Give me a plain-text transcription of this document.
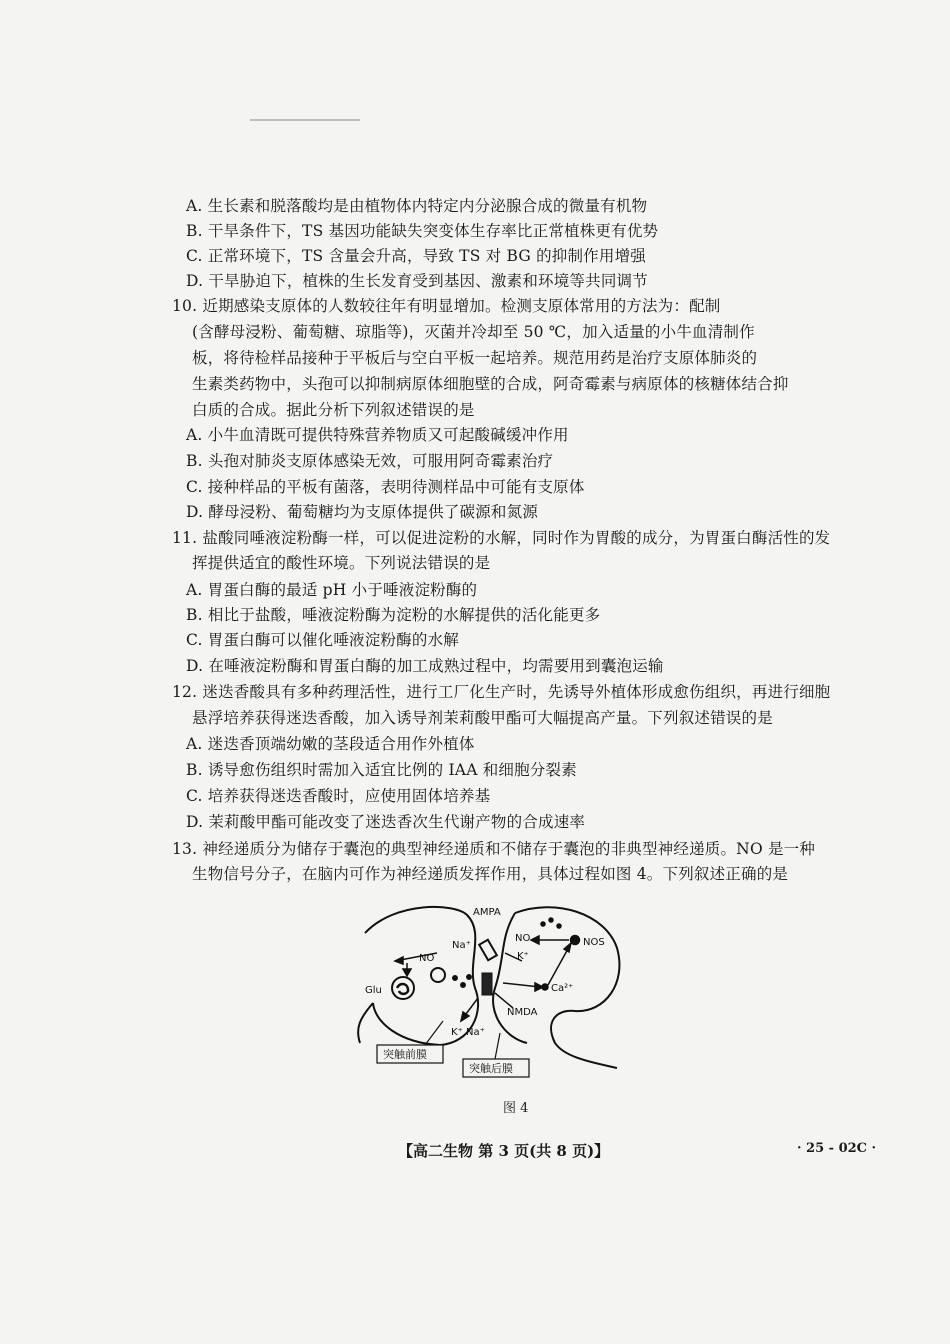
A. 生长素和脱落酸均是由植物体内特定内分泌腺合成的微量有机物
B. 干旱条件下，TS 基因功能缺失突变体生存率比正常植株更有优势
C. 正常环境下，TS 含量会升高，导致 TS 对 BG 的抑制作用增强
D. 干旱胁迫下，植株的生长发育受到基因、激素和环境等共同调节
10. 近期感染支原体的人数较往年有明显增加。检测支原体常用的方法为：配制
(含酵母浸粉、葡萄糖、琼脂等)，灭菌并冷却至 50 ℃，加入适量的小牛血清制作
板，将待检样品接种于平板后与空白平板一起培养。规范用药是治疗支原体肺炎的
生素类药物中，头孢可以抑制病原体细胞壁的合成，阿奇霉素与病原体的核糖体结合抑
白质的合成。据此分析下列叙述错误的是
A. 小牛血清既可提供特殊营养物质又可起酸碱缓冲作用
B. 头孢对肺炎支原体感染无效，可服用阿奇霉素治疗
C. 接种样品的平板有菌落，表明待测样品中可能有支原体
D. 酵母浸粉、葡萄糖均为支原体提供了碳源和氮源
11. 盐酸同唾液淀粉酶一样，可以促进淀粉的水解，同时作为胃酸的成分，为胃蛋白酶活性的发
挥提供适宜的酸性环境。下列说法错误的是
A. 胃蛋白酶的最适 pH 小于唾液淀粉酶的
B. 相比于盐酸，唾液淀粉酶为淀粉的水解提供的活化能更多
C. 胃蛋白酶可以催化唾液淀粉酶的水解
D. 在唾液淀粉酶和胃蛋白酶的加工成熟过程中，均需要用到囊泡运输
12. 迷迭香酸具有多种药理活性，进行工厂化生产时，先诱导外植体形成愈伤组织，再进行细胞
悬浮培养获得迷迭香酸，加入诱导剂茉莉酸甲酯可大幅提高产量。下列叙述错误的是
A. 迷迭香顶端幼嫩的茎段适合用作外植体
B. 诱导愈伤组织时需加入适宜比例的 IAA 和细胞分裂素
C. 培养获得迷迭香酸时，应使用固体培养基
D. 茉莉酸甲酯可能改变了迷迭香次生代谢产物的合成速率
13. 神经递质分为储存于囊泡的典型神经递质和不储存于囊泡的非典型神经递质。NO 是一种
生物信号分子，在脑内可作为神经递质发挥作用，具体过程如图 4。下列叙述正确的是
AMPA
Na⁺
NO
NO	NOS
K⁺
Ca²⁺
Glu
NMDA
K⁺ Na⁺
突触前膜
突触后膜
图 4
【高二生物 第 3 页(共 8 页)】	· 25 - 02C ·
